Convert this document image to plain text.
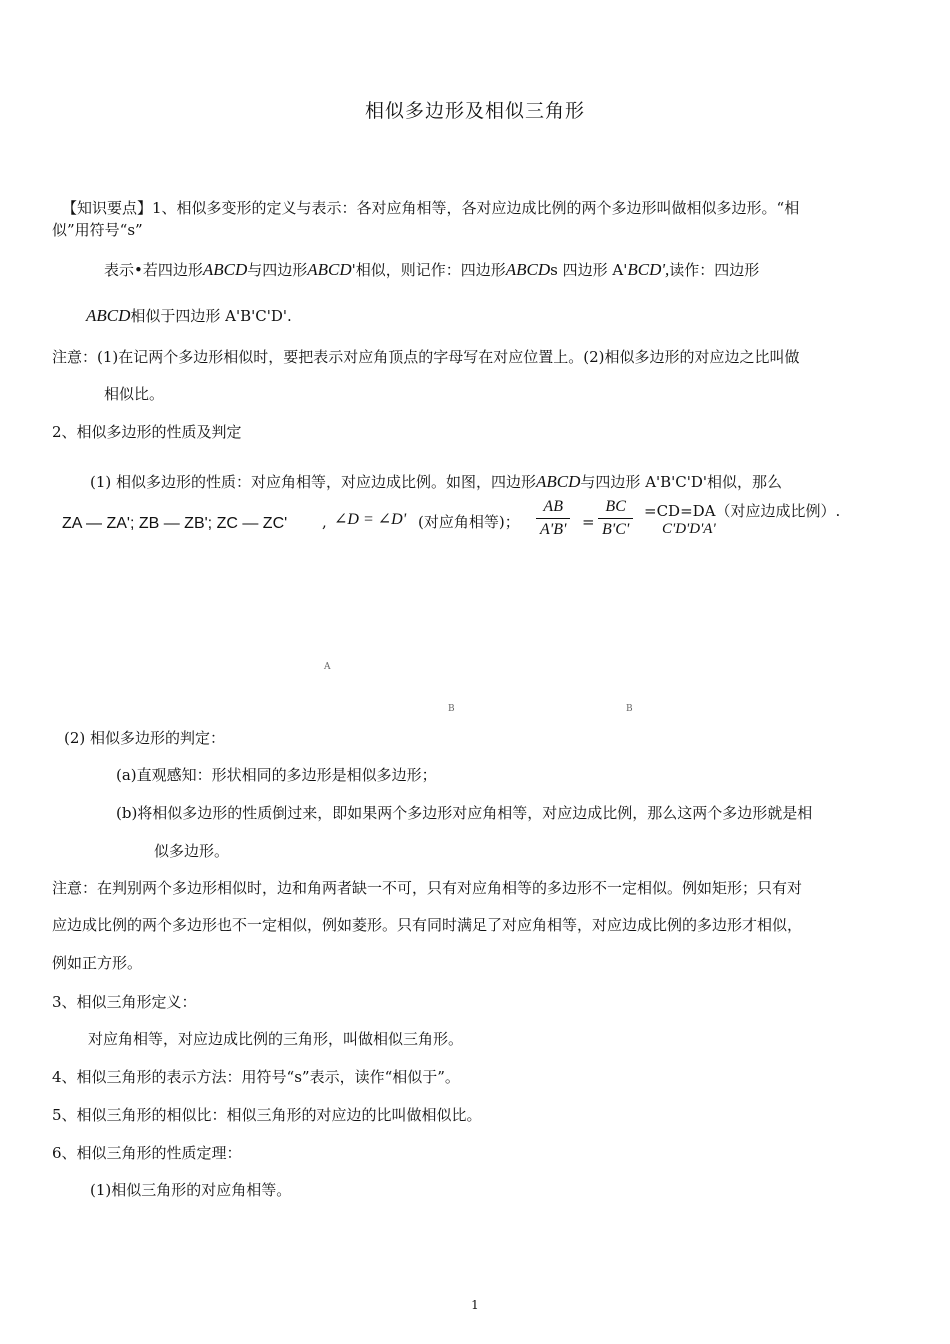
相似多边形及相似三角形
【知识要点】1、相似多变形的定义与表示：各对应角相等，各对应边成比例的两个多边形叫做相似多边形。“相
似”用符号“s”
表示•若四边形ABCD与四边形ABCD'相似，则记作：四边形ABCDs 四边形 A'BCD',读作：四边形
ABCD相似于四边形 A'B'C'D'.
注意：(1)在记两个多边形相似时，要把表示对应角顶点的字母写在对应位置上。(2)相似多边形的对应边之比叫做
相似比。
2、相似多边形的性质及判定
(1) 相似多边形的性质：对应角相等，对应边成比例。如图，四边形ABCD与四边形 A'B'C'D'相似，那么
ZA — ZA'; ZB — ZB'; ZC — ZC' , ∠D = ∠D' (对应角相等)；
AB
A'B' =
BC
B'C'
=CD=DA（对应边成比例）.
C'D'D'A'
A
B	B
(2) 相似多边形的判定：
(a)直观感知：形状相同的多边形是相似多边形；
(b)将相似多边形的性质倒过来，即如果两个多边形对应角相等，对应边成比例，那么这两个多边形就是相
似多边形。
注意：在判别两个多边形相似时，边和角两者缺一不可，只有对应角相等的多边形不一定相似。例如矩形；只有对
应边成比例的两个多边形也不一定相似，例如菱形。只有同时满足了对应角相等，对应边成比例的多边形才相似，
例如正方形。
3、相似三角形定义：
对应角相等，对应边成比例的三角形，叫做相似三角形。
4、相似三角形的表示方法：用符号“s”表示，读作“相似于”。
5、相似三角形的相似比：相似三角形的对应边的比叫做相似比。
6、相似三角形的性质定理：
(1)相似三角形的对应角相等。
1
